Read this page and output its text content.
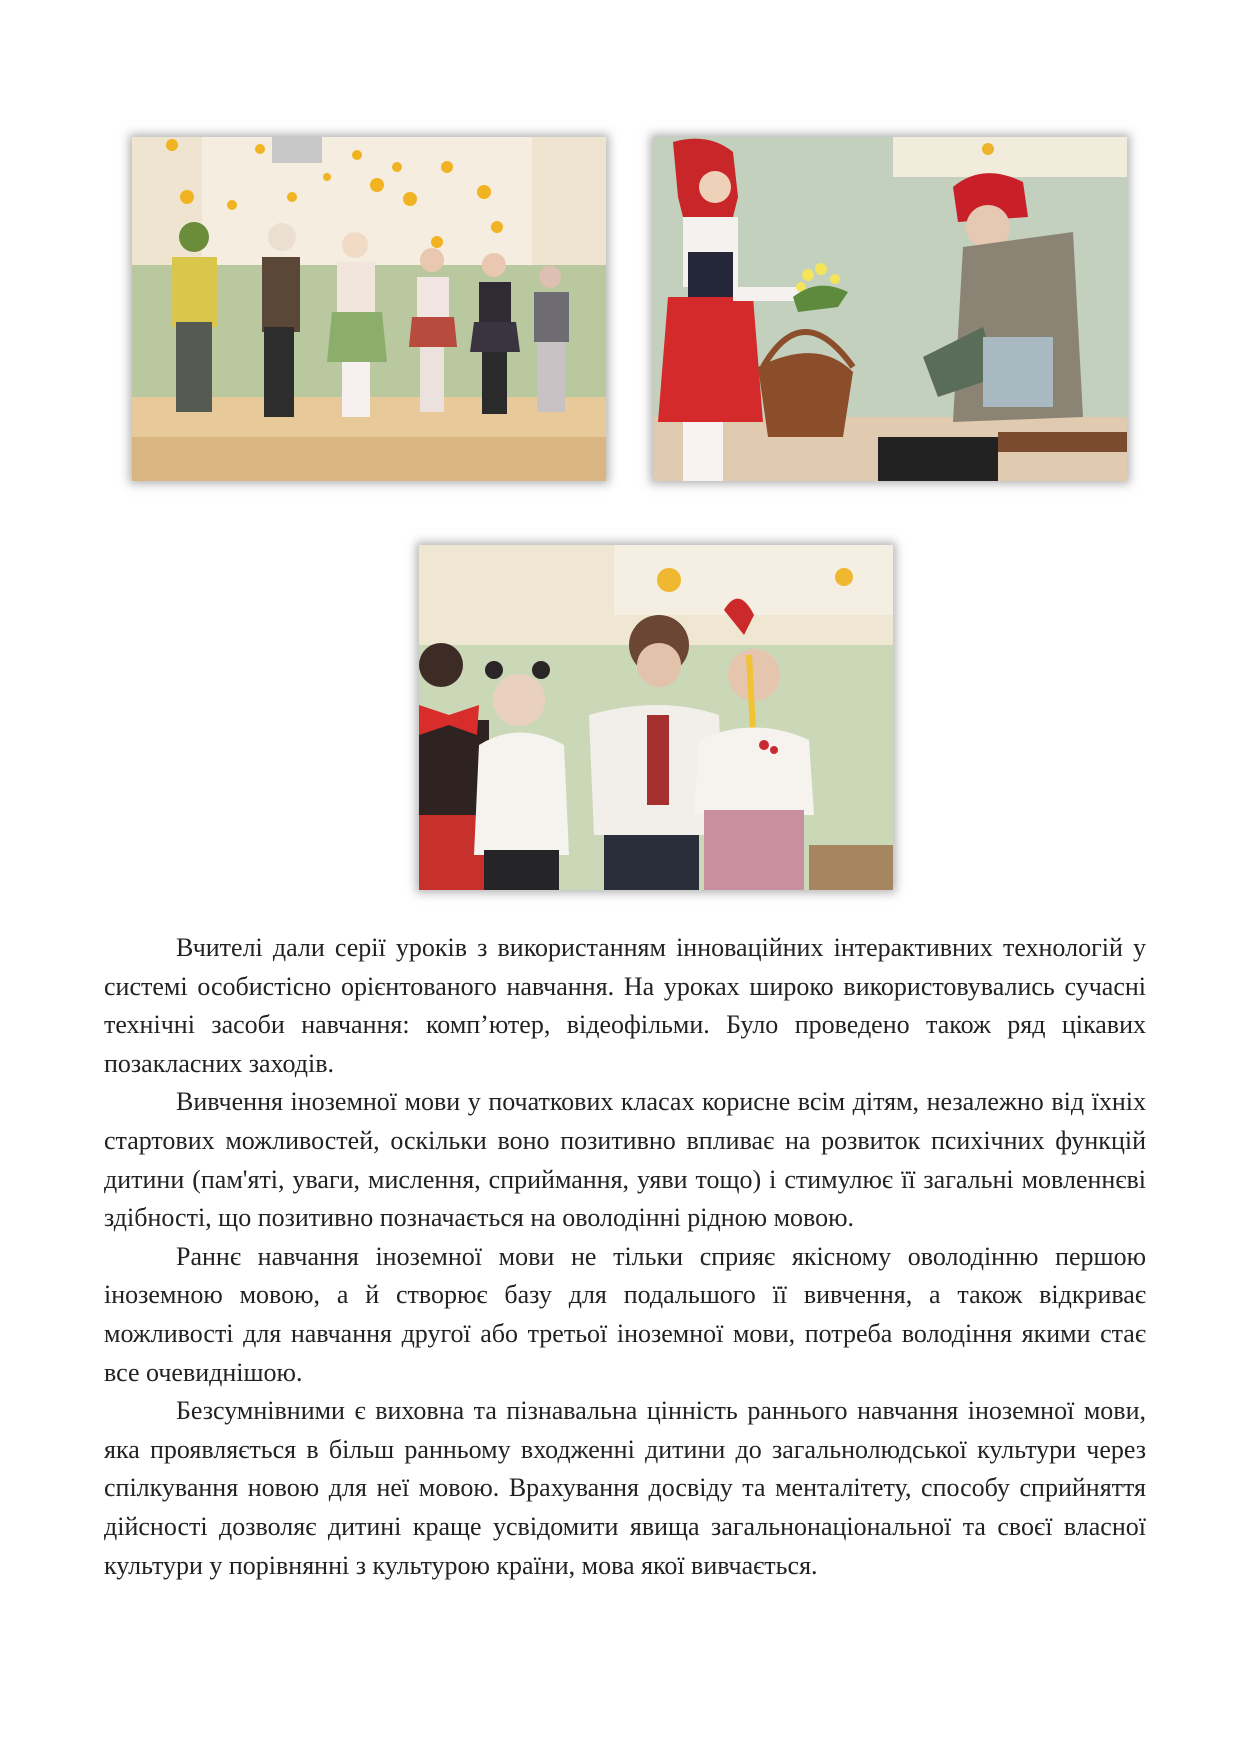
Вчителі дали серії уроків з використанням інноваційних інтерактивних технологій у системі особистісно орієнтованого навчання. На уроках широко використовувались сучасні технічні засоби навчання: комп’ютер, відеофільми. Було проведено також ряд цікавих позакласних заходів.

Вивчення іноземної мови у початкових класах корисне всім дітям, незалежно від їхніх стартових можливостей, оскільки воно позитивно впливає на розвиток психічних функцій дитини (пам'яті, уваги, мислення, сприймання, уяви тощо) і стимулює її загальні мовленнєві здібності, що позитивно позначається на оволодінні рідною мовою.

Раннє навчання іноземної мови не тільки сприяє якісному оволодінню першою іноземною мовою, а й створює базу для подальшого її вивчення, а також відкриває можливості для навчання другої або третьої іноземної мови, потреба володіння якими стає все очевиднішою.

Безсумнівними є виховна та пізнавальна цінність раннього навчання іноземної мови, яка проявляється в більш ранньому входженні дитини до загальнолюдської культури через спілкування новою для неї мовою. Врахування досвіду та менталітету, способу сприйняття дійсності дозволяє дитині краще усвідомити явища загальнонаціональної та своєї власної культури у порівнянні з культурою країни, мова якої вивчається.
